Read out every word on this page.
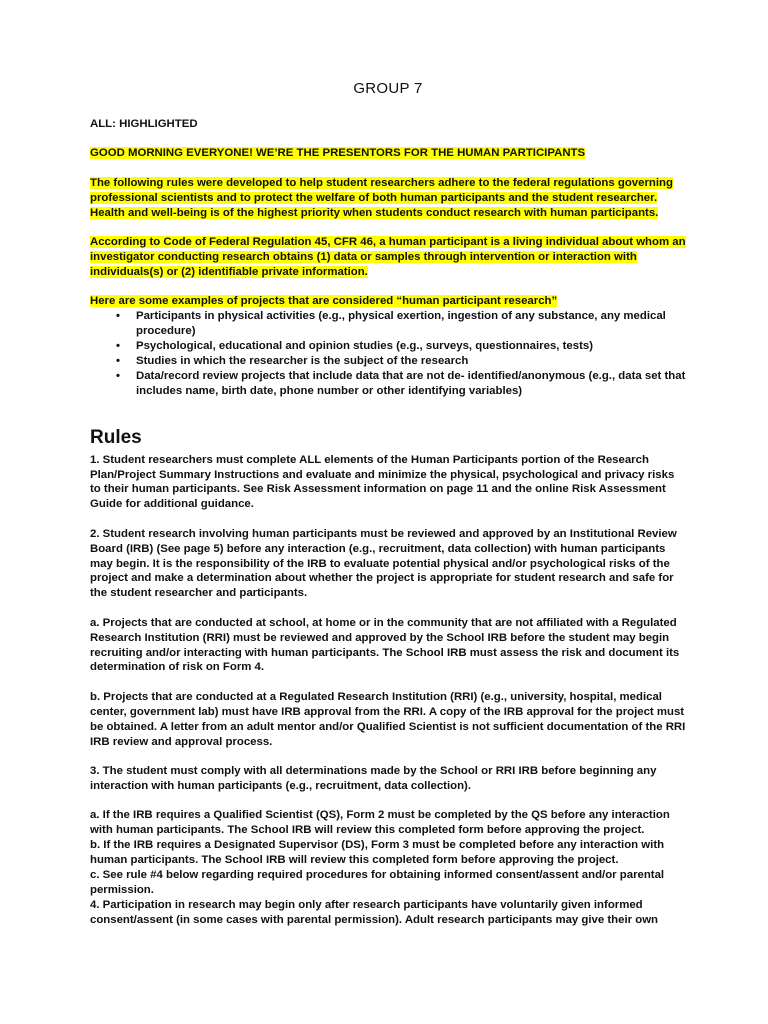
GROUP 7
ALL: HIGHLIGHTED
GOOD MORNING EVERYONE! WE’RE THE PRESENTORS FOR THE HUMAN PARTICIPANTS
The following rules were developed to help student researchers adhere to the federal regulations governing professional scientists and to protect the welfare of both human participants and the student researcher. Health and well-being is of the highest priority when students conduct research with human participants.
According to Code of Federal Regulation 45, CFR 46, a human participant is a living individual about whom an investigator conducting research obtains (1) data or samples through intervention or interaction with individuals(s) or (2) identifiable private information.
Here are some examples of projects that are considered “human participant research”
• Participants in physical activities (e.g., physical exertion, ingestion of any substance, any medical procedure)
• Psychological, educational and opinion studies (e.g., surveys, questionnaires, tests)
• Studies in which the researcher is the subject of the research
• Data/record review projects that include data that are not de- identified/anonymous (e.g., data set that includes name, birth date, phone number or other identifying variables)
Rules
1. Student researchers must complete ALL elements of the Human Participants portion of the Research Plan/Project Summary Instructions and evaluate and minimize the physical, psychological and privacy risks to their human participants. See Risk Assessment information on page 11 and the online Risk Assessment Guide for additional guidance.
2. Student research involving human participants must be reviewed and approved by an Institutional Review Board (IRB) (See page 5) before any interaction (e.g., recruitment, data collection) with human participants may begin. It is the responsibility of the IRB to evaluate potential physical and/or psychological risks of the project and make a determination about whether the project is appropriate for student research and safe for the student researcher and participants.
a. Projects that are conducted at school, at home or in the community that are not affiliated with a Regulated Research Institution (RRI) must be reviewed and approved by the School IRB before the student may begin recruiting and/or interacting with human participants. The School IRB must assess the risk and document its determination of risk on Form 4.
b. Projects that are conducted at a Regulated Research Institution (RRI) (e.g., university, hospital, medical center, government lab) must have IRB approval from the RRI. A copy of the IRB approval for the project must be obtained. A letter from an adult mentor and/or Qualified Scientist is not sufficient documentation of the RRI IRB review and approval process.
3. The student must comply with all determinations made by the School or RRI IRB before beginning any interaction with human participants (e.g., recruitment, data collection).
a. If the IRB requires a Qualified Scientist (QS), Form 2 must be completed by the QS before any interaction with human participants. The School IRB will review this completed form before approving the project.
b. If the IRB requires a Designated Supervisor (DS), Form 3 must be completed before any interaction with human participants. The School IRB will review this completed form before approving the project.
c. See rule #4 below regarding required procedures for obtaining informed consent/assent and/or parental permission.
4. Participation in research may begin only after research participants have voluntarily given informed consent/assent (in some cases with parental permission). Adult research participants may give their own
